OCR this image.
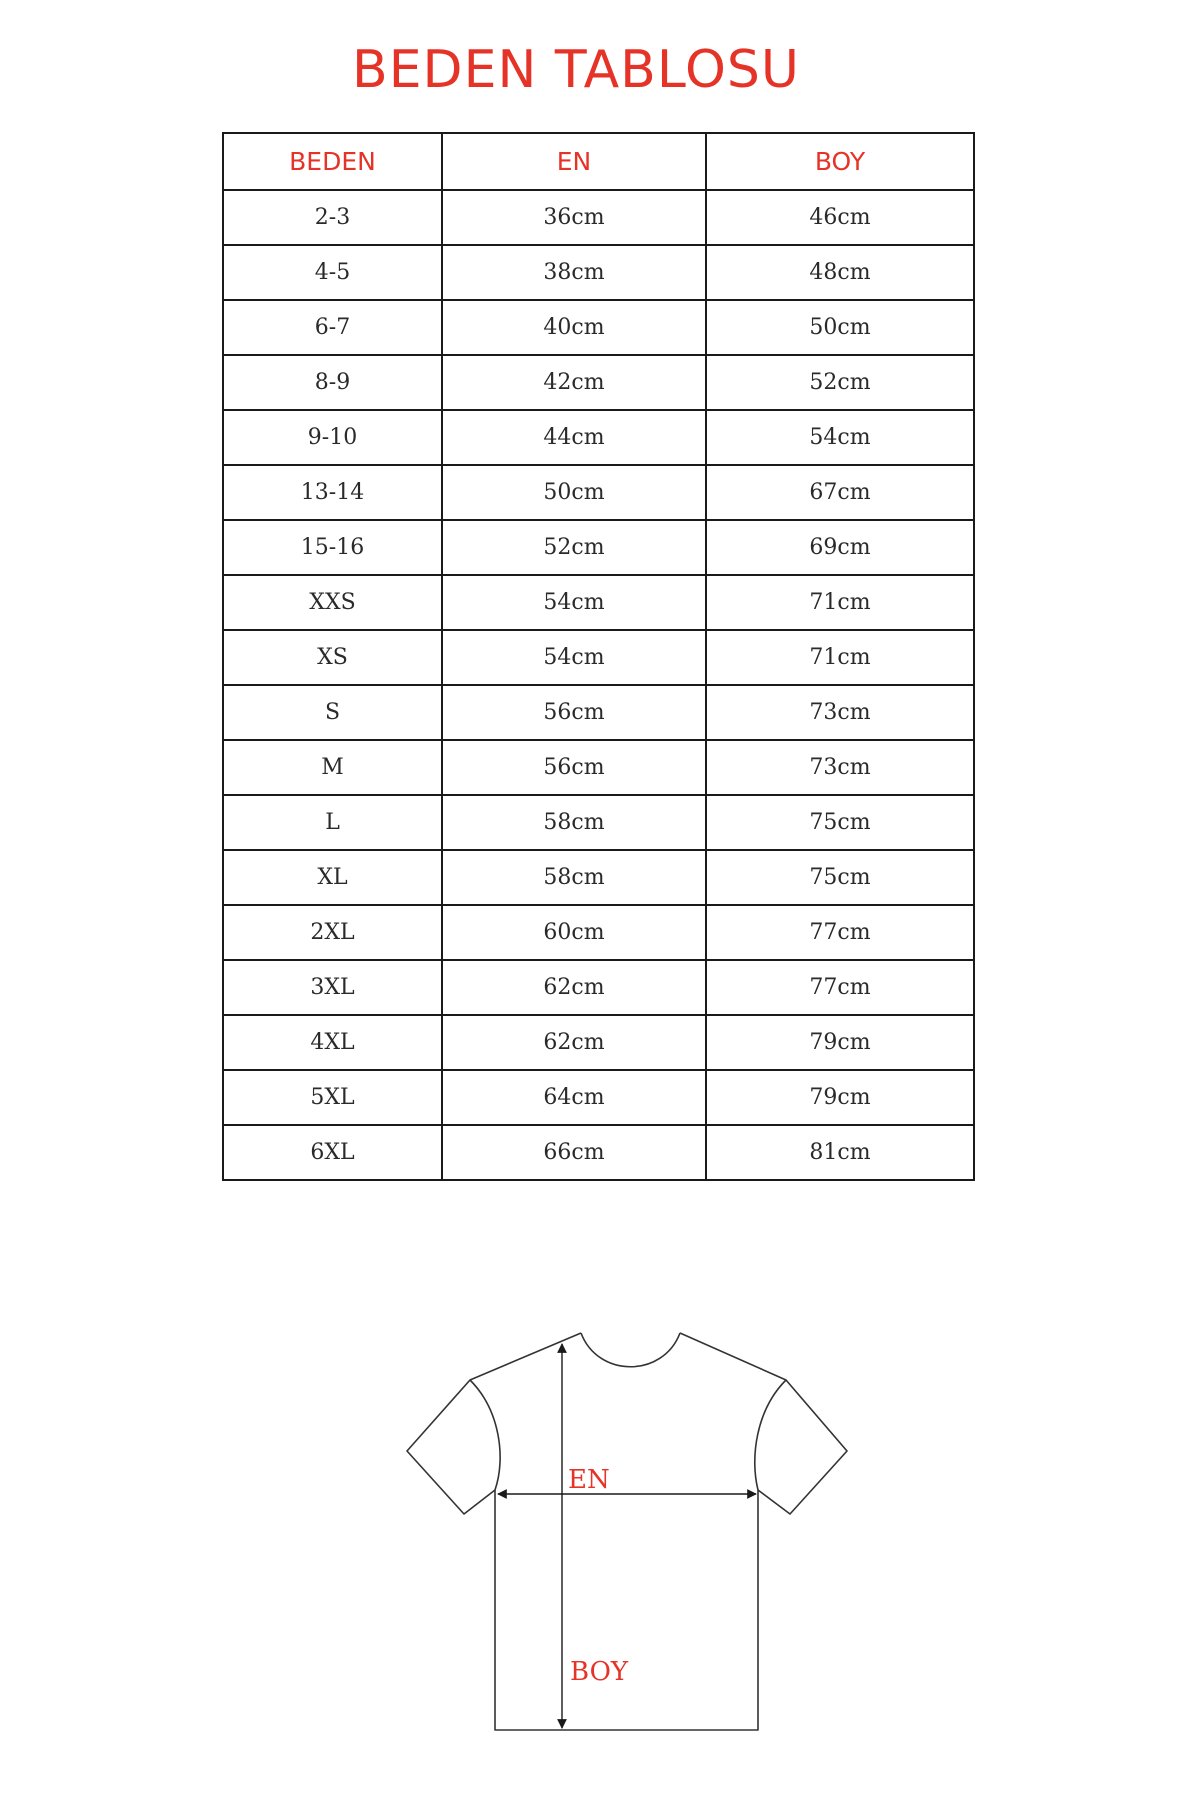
BEDEN TABLOSU
BEDEN	EN	BOY
2-3	36cm	46cm
4-5	38cm	48cm
6-7	40cm	50cm
8-9	42cm	52cm
9-10	44cm	54cm
13-14	50cm	67cm
15-16	52cm	69cm
XXS	54cm	71cm
XS	54cm	71cm
S	56cm	73cm
M	56cm	73cm
L	58cm	75cm
XL	58cm	75cm
2XL	60cm	77cm
3XL	62cm	77cm
4XL	62cm	79cm
5XL	64cm	79cm
6XL	66cm	81cm
EN
BOY
